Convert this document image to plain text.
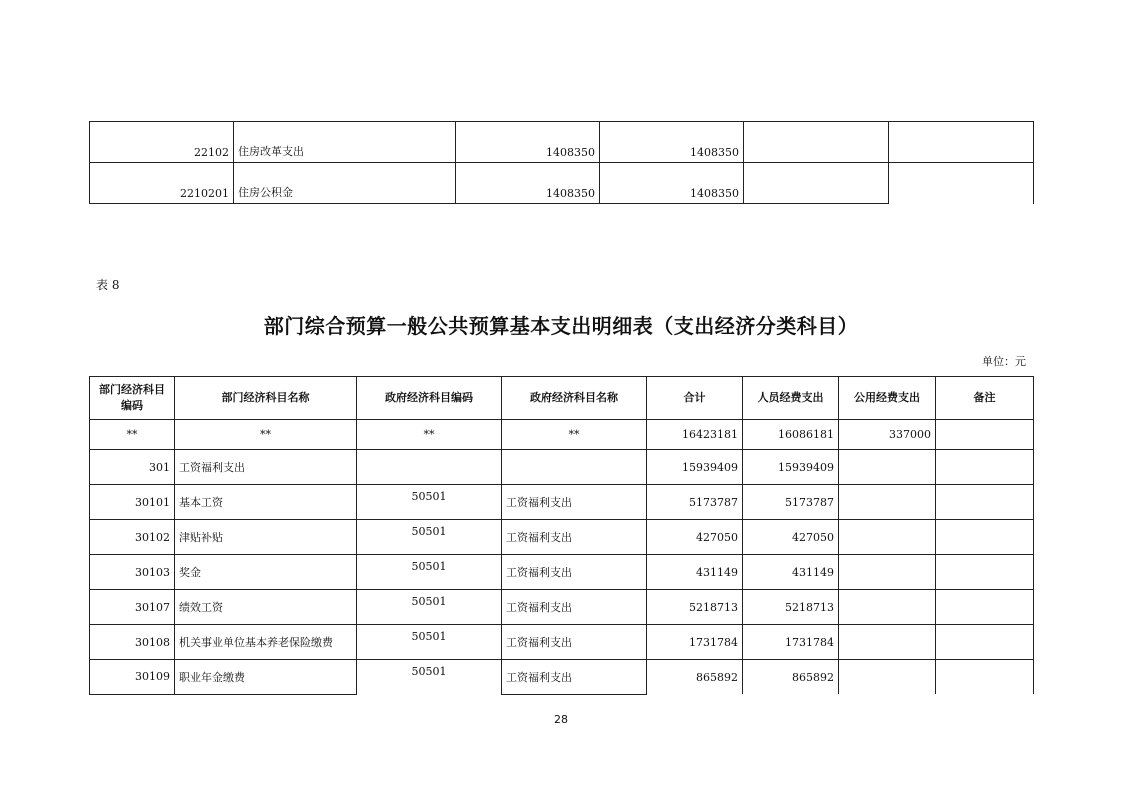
22102	住房改革支出	1408350	1408350		
2210201	住房公积金	1408350	1408350		
表 8
部门综合预算一般公共预算基本支出明细表（支出经济分类科目）
单位：元
部门经济科目编码	部门经济科目名称	政府经济科目编码	政府经济科目名称	合计	人员经费支出	公用经费支出	备注
**	**	**	**	16423181	16086181	337000	
301	工资福利支出			15939409	15939409		
30101	基本工资	50501	工资福利支出	5173787	5173787		
30102	津贴补贴	50501	工资福利支出	427050	427050		
30103	奖金	50501	工资福利支出	431149	431149		
30107	绩效工资	50501	工资福利支出	5218713	5218713		
30108	机关事业单位基本养老保险缴费	50501	工资福利支出	1731784	1731784		
30109	职业年金缴费	50501	工资福利支出	865892	865892		
28
